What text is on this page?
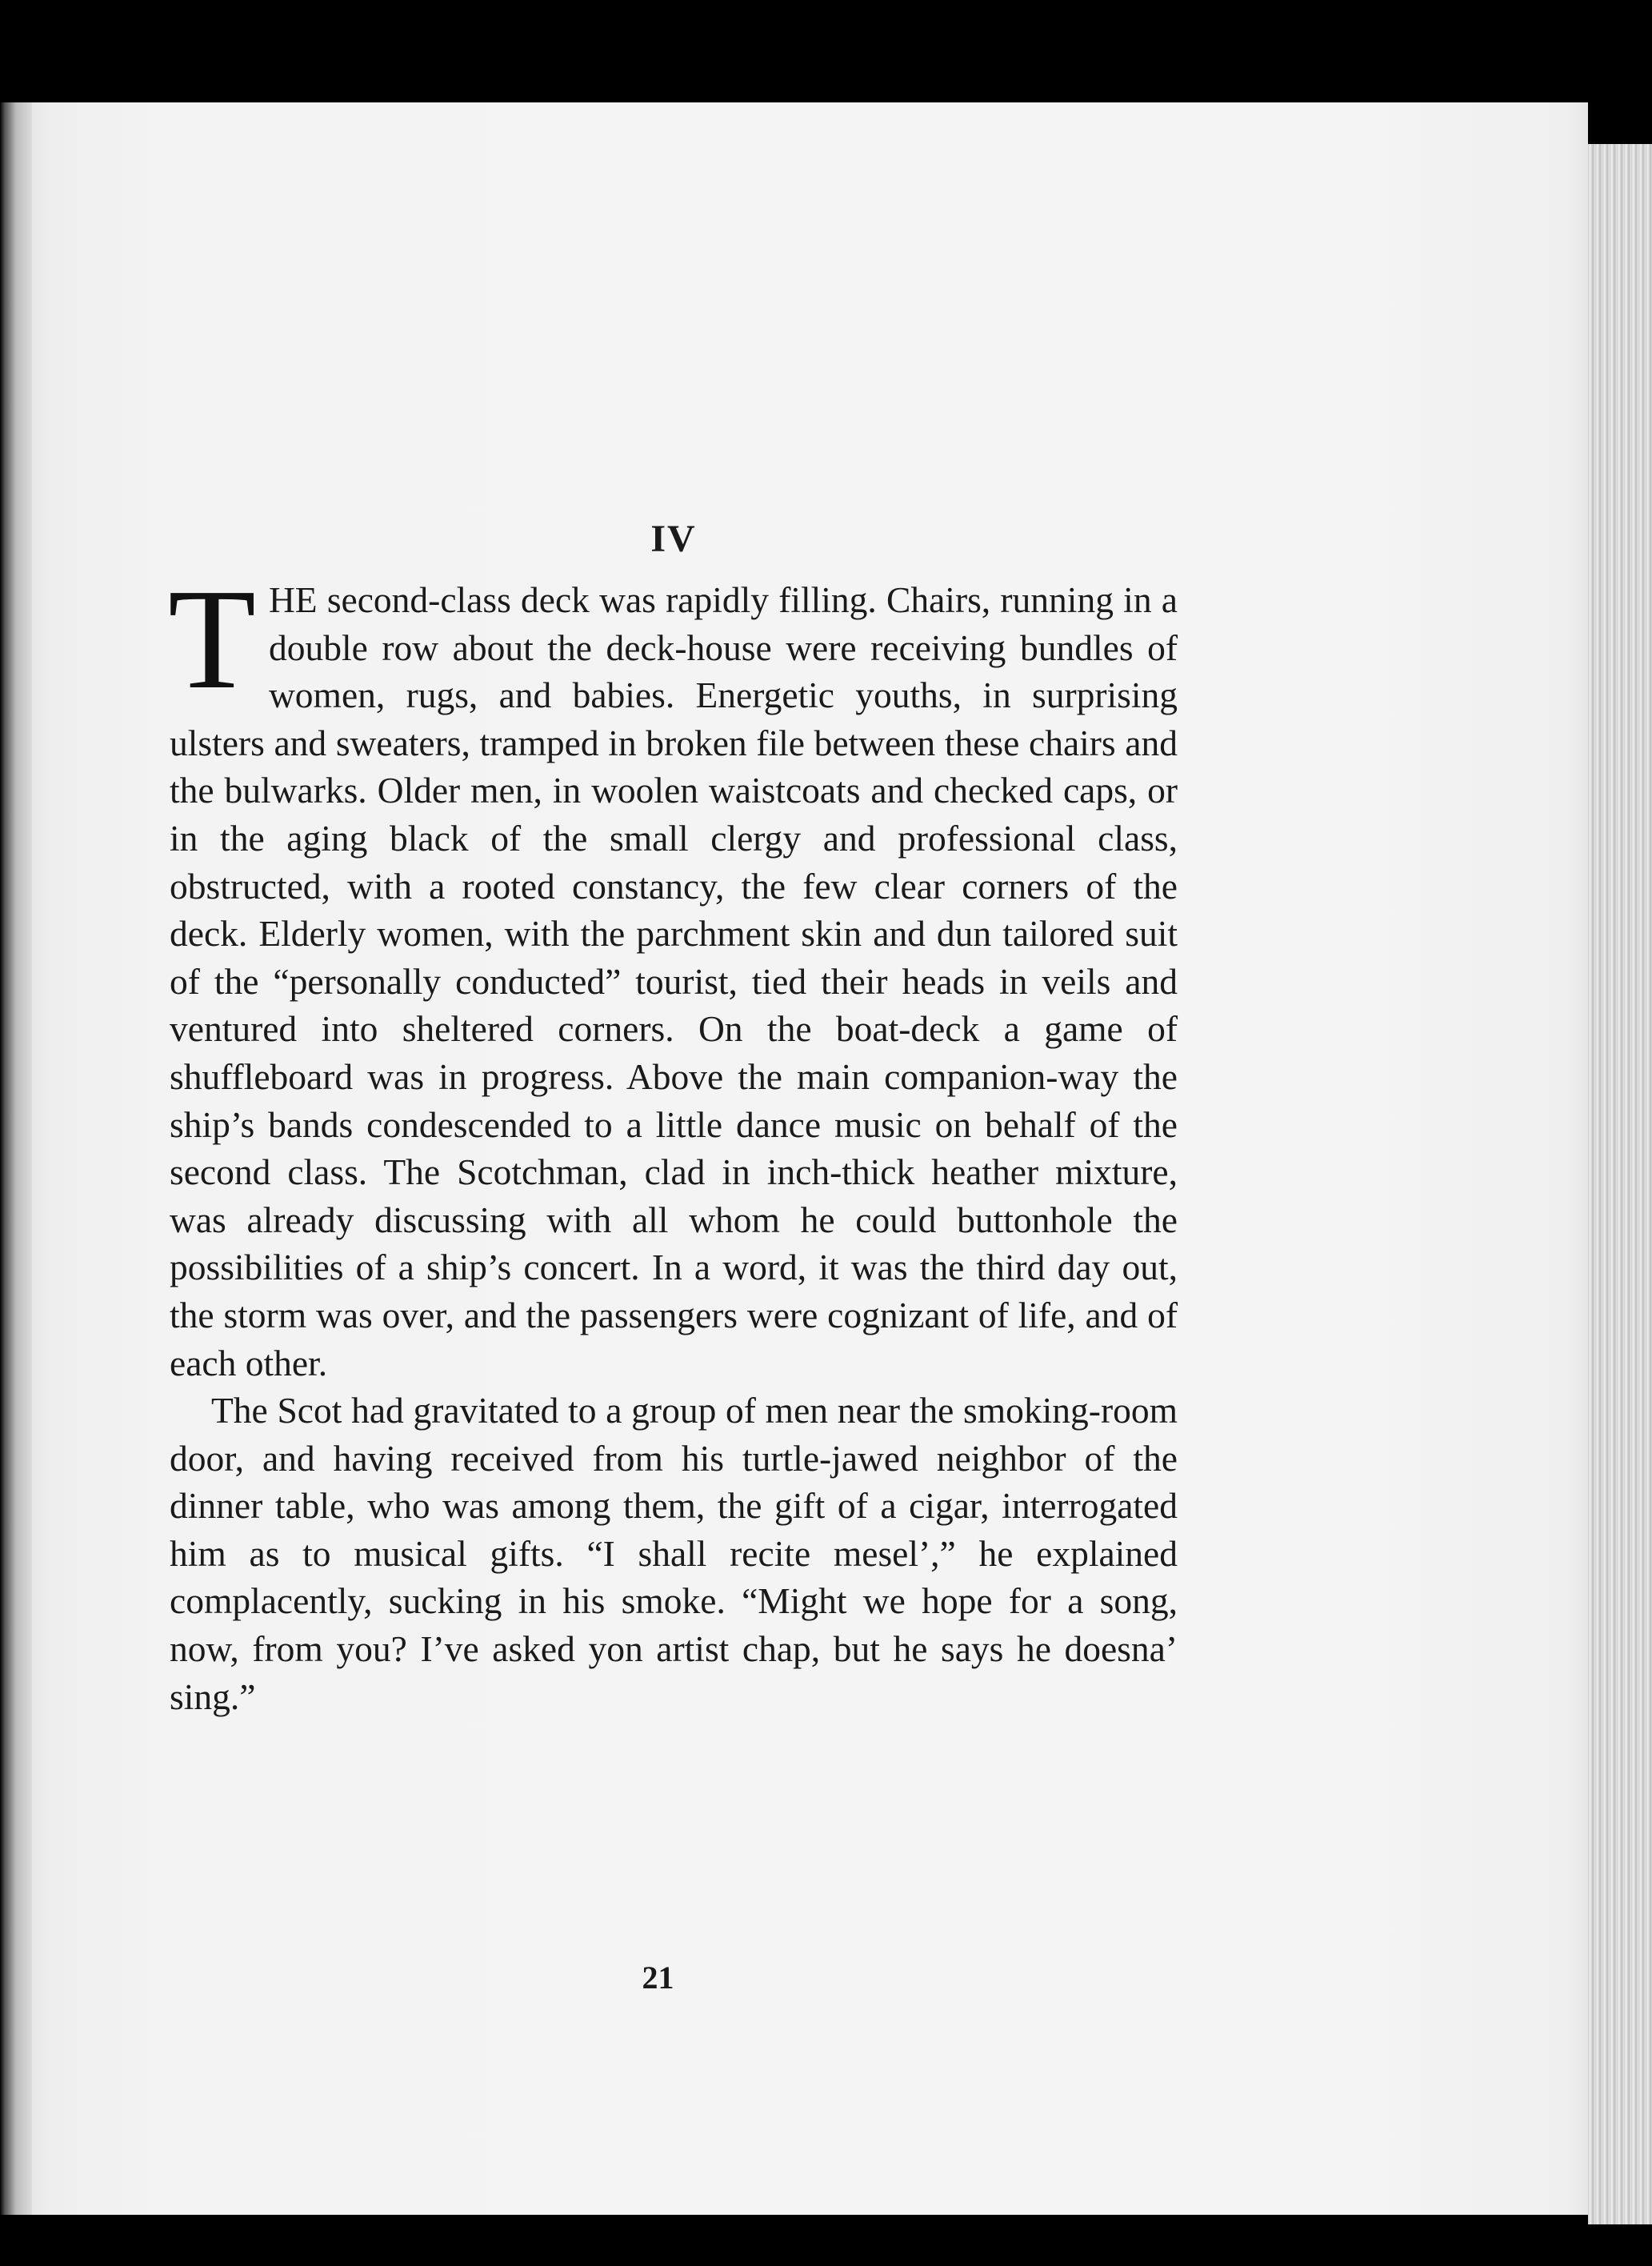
IV

THE second-class deck was rapidly filling. Chairs, running in a double row about the deck-house were receiving bundles of women, rugs, and babies. Energetic youths, in surprising ulsters and sweaters, tramped in broken file between these chairs and the bulwarks. Older men, in woolen waistcoats and checked caps, or in the aging black of the small clergy and professional class, obstructed, with a rooted constancy, the few clear corners of the deck. Elderly women, with the parchment skin and dun tailored suit of the “personally conducted” tourist, tied their heads in veils and ventured into sheltered corners. On the boat-deck a game of shuffleboard was in progress. Above the main companion-way the ship’s bands condescended to a little dance music on behalf of the second class. The Scotchman, clad in inch-thick heather mixture, was already discussing with all whom he could buttonhole the possibilities of a ship’s concert. In a word, it was the third day out, the storm was over, and the passengers were cognizant of life, and of each other.

The Scot had gravitated to a group of men near the smoking-room door, and having received from his turtle-jawed neighbor of the dinner table, who was among them, the gift of a cigar, interrogated him as to musical gifts. “I shall recite mesel’,” he explained complacently, sucking in his smoke. “Might we hope for a song, now, from you? I’ve asked yon artist chap, but he says he doesna’ sing.”

21
